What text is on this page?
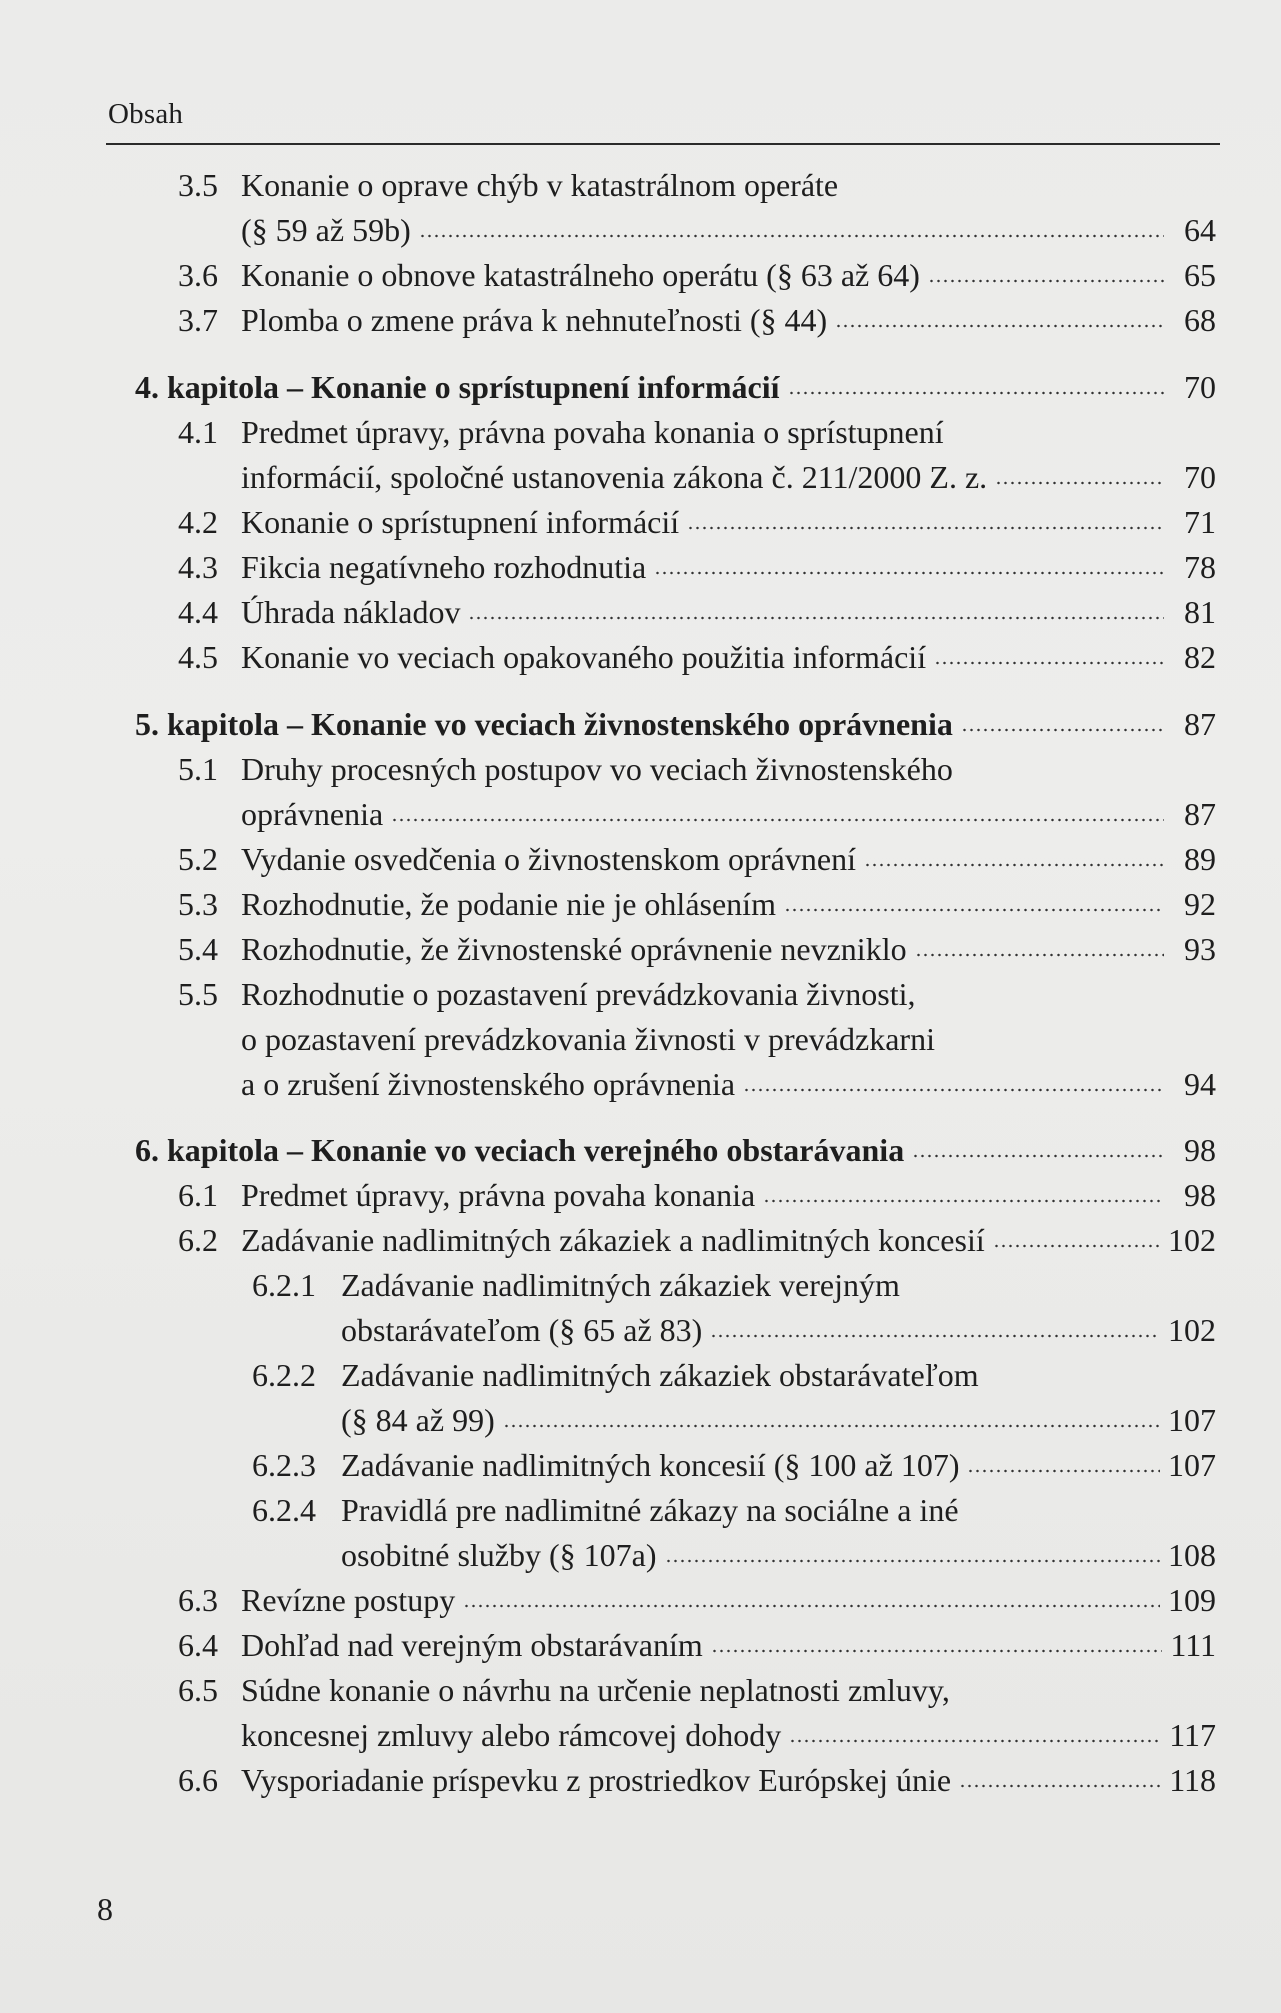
Obsah
3.5 Konanie o oprave chýb v katastrálnom operáte
(§ 59 až 59b)	64
3.6 Konanie o obnove katastrálneho operátu (§ 63 až 64)	65
3.7 Plomba o zmene práva k nehnuteľnosti (§ 44)	68
4. kapitola – Konanie o sprístupnení informácií	70
4.1 Predmet úpravy, právna povaha konania o sprístupnení
informácií, spoločné ustanovenia zákona č. 211/2000 Z. z.	70
4.2 Konanie o sprístupnení informácií	71
4.3 Fikcia negatívneho rozhodnutia	78
4.4 Úhrada nákladov	81
4.5 Konanie vo veciach opakovaného použitia informácií	82
5. kapitola – Konanie vo veciach živnostenského oprávnenia	87
5.1 Druhy procesných postupov vo veciach živnostenského
oprávnenia	87
5.2 Vydanie osvedčenia o živnostenskom oprávnení	89
5.3 Rozhodnutie, že podanie nie je ohlásením	92
5.4 Rozhodnutie, že živnostenské oprávnenie nevzniklo	93
5.5 Rozhodnutie o pozastavení prevádzkovania živnosti,
o pozastavení prevádzkovania živnosti v prevádzkarni
a o zrušení živnostenského oprávnenia	94
6. kapitola – Konanie vo veciach verejného obstarávania	98
6.1 Predmet úpravy, právna povaha konania	98
6.2 Zadávanie nadlimitných zákaziek a nadlimitných koncesií	102
6.2.1 Zadávanie nadlimitných zákaziek verejným
obstarávateľom (§ 65 až 83)	102
6.2.2 Zadávanie nadlimitných zákaziek obstarávateľom
(§ 84 až 99)	107
6.2.3 Zadávanie nadlimitných koncesií (§ 100 až 107)	107
6.2.4 Pravidlá pre nadlimitné zákazy na sociálne a iné
osobitné služby (§ 107a)	108
6.3 Revízne postupy	109
6.4 Dohľad nad verejným obstarávaním	111
6.5 Súdne konanie o návrhu na určenie neplatnosti zmluvy,
koncesnej zmluvy alebo rámcovej dohody	117
6.6 Vysporiadanie príspevku z prostriedkov Európskej únie	118
8
